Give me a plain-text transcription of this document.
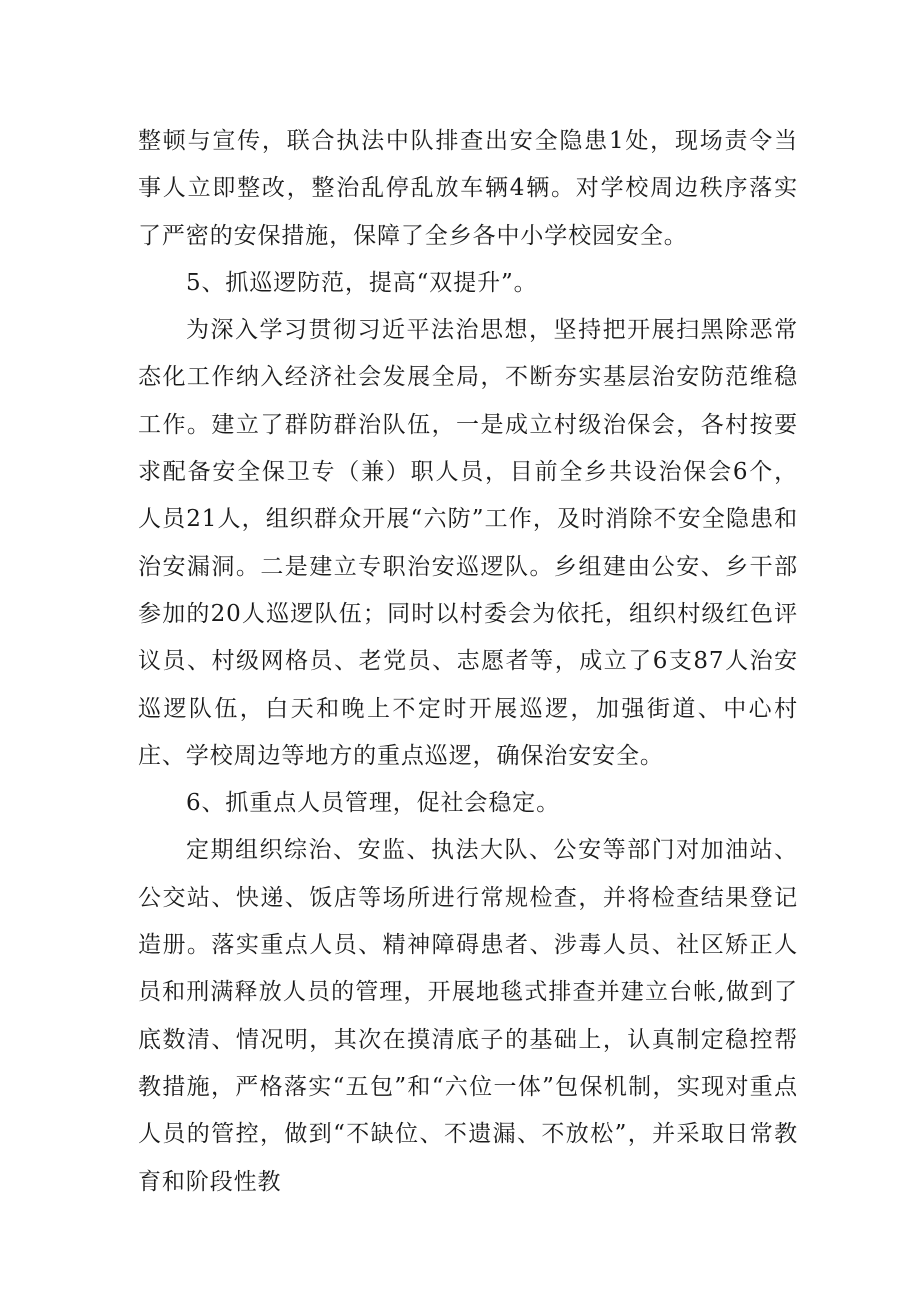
整顿与宣传，联合执法中队排查出安全隐患1处，现场责令当事人立即整改，整治乱停乱放车辆4辆。对学校周边秩序落实了严密的安保措施，保障了全乡各中小学校园安全。

5、抓巡逻防范，提高“双提升”。

为深入学习贯彻习近平法治思想，坚持把开展扫黑除恶常态化工作纳入经济社会发展全局，不断夯实基层治安防范维稳工作。建立了群防群治队伍，一是成立村级治保会，各村按要求配备安全保卫专（兼）职人员，目前全乡共设治保会6个，人员21人，组织群众开展“六防”工作，及时消除不安全隐患和治安漏洞。二是建立专职治安巡逻队。乡组建由公安、乡干部参加的20人巡逻队伍；同时以村委会为依托，组织村级红色评议员、村级网格员、老党员、志愿者等，成立了6支87人治安巡逻队伍，白天和晚上不定时开展巡逻，加强街道、中心村庄、学校周边等地方的重点巡逻，确保治安安全。

6、抓重点人员管理，促社会稳定。

定期组织综治、安监、执法大队、公安等部门对加油站、公交站、快递、饭店等场所进行常规检查，并将检查结果登记造册。落实重点人员、精神障碍患者、涉毒人员、社区矫正人员和刑满释放人员的管理，开展地毯式排查并建立台帐,做到了底数清、情况明，其次在摸清底子的基础上，认真制定稳控帮教措施，严格落实“五包”和“六位一体”包保机制，实现对重点人员的管控，做到“不缺位、不遗漏、不放松”，并采取日常教育和阶段性教
